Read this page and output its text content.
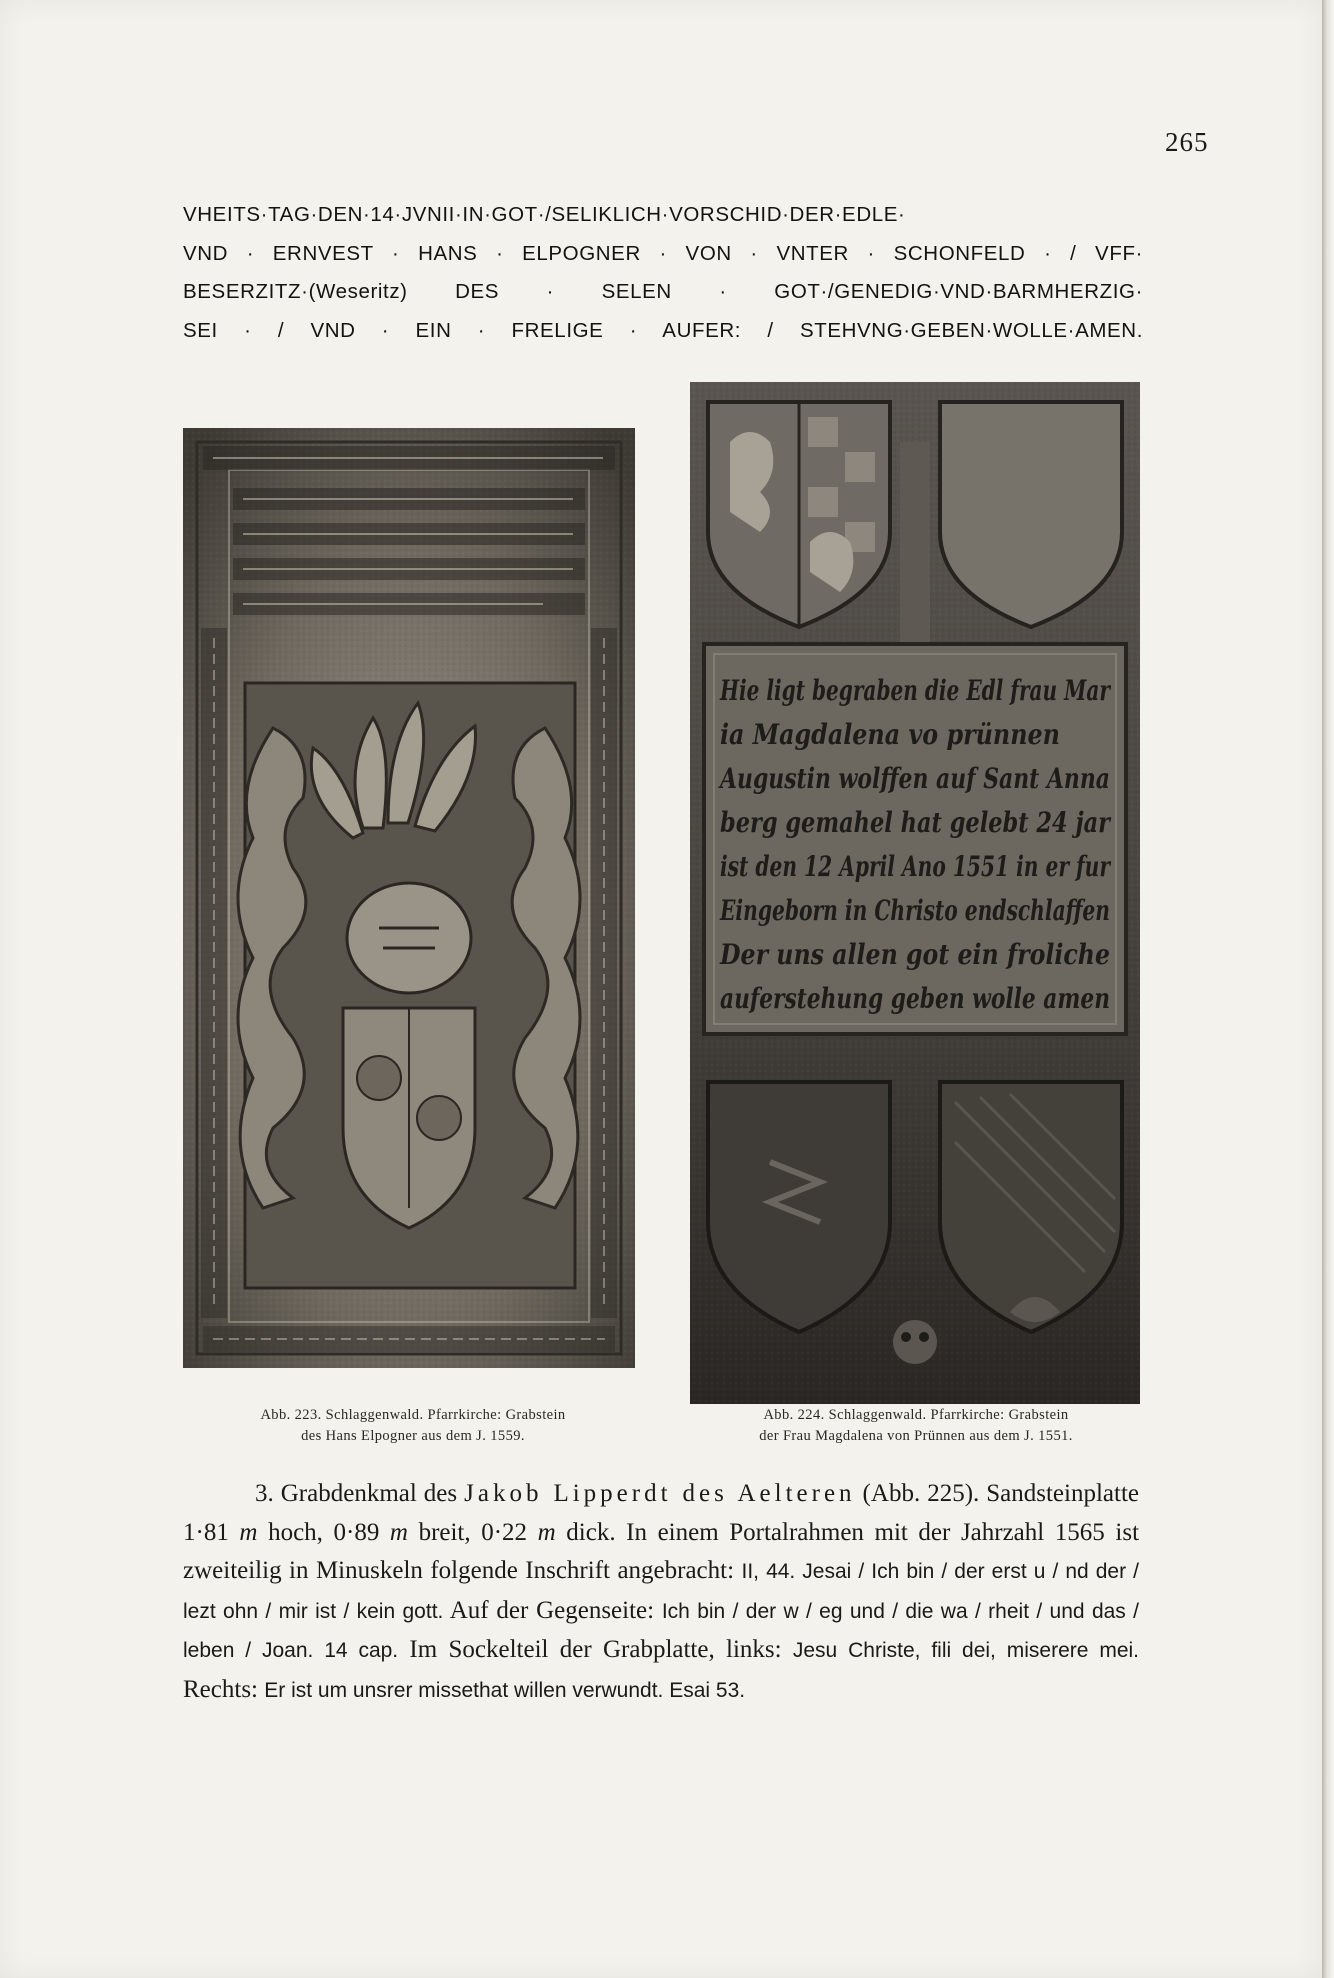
265
VHEITS·TAG·DEN·14·JVNII·IN·GOT·/SELIKLICH·VORSCHID·DER·EDLE·
VND · ERNVEST · HANS · ELPOGNER · VON · VNTER · SCHONFELD · / VFF·
BESERZITZ·(Weseritz) DES · SELEN · GOT·/GENEDIG·VND·BARMHERZIG·
SEI · / VND · EIN · FRELIGE · AUFER: / STEHVNG·GEBEN·WOLLE·AMEN.
Hie ligt begraben die Edl frau Mar
ia Magdalena vo prünnen
Augustin wolffen auf Sant Anna
berg gemahel hat gelebt 24 jar
ist den 12 April Ano 1551 in er fur
Eingeborn in Christo endschlaffen
Der uns allen got ein froliche
auferstehung geben wolle amen
Abb. 223. Schlaggenwald. Pfarrkirche: Grabstein
des Hans Elpogner aus dem J. 1559.
Abb. 224. Schlaggenwald. Pfarrkirche: Grabstein
der Frau Magdalena von Prünnen aus dem J. 1551.

3. Grabdenkmal des Jakob Lipperdt des Aelteren (Abb. 225). Sandsteinplatte 1·81 m hoch, 0·89 m breit, 0·22 m dick. In einem Portalrahmen mit der Jahrzahl 1565 ist zweiteilig in Minuskeln folgende Inschrift angebracht: II, 44. Jesai / Ich bin / der erst u / nd der / lezt ohn / mir ist / kein gott. Auf der Gegenseite: Ich bin / der w / eg und / die wa / rheit / und das / leben / Joan. 14 cap. Im Sockelteil der Grabplatte, links: Jesu Christe, fili dei, miserere mei. Rechts: Er ist um unsrer missethat willen verwundt. Esai 53.
